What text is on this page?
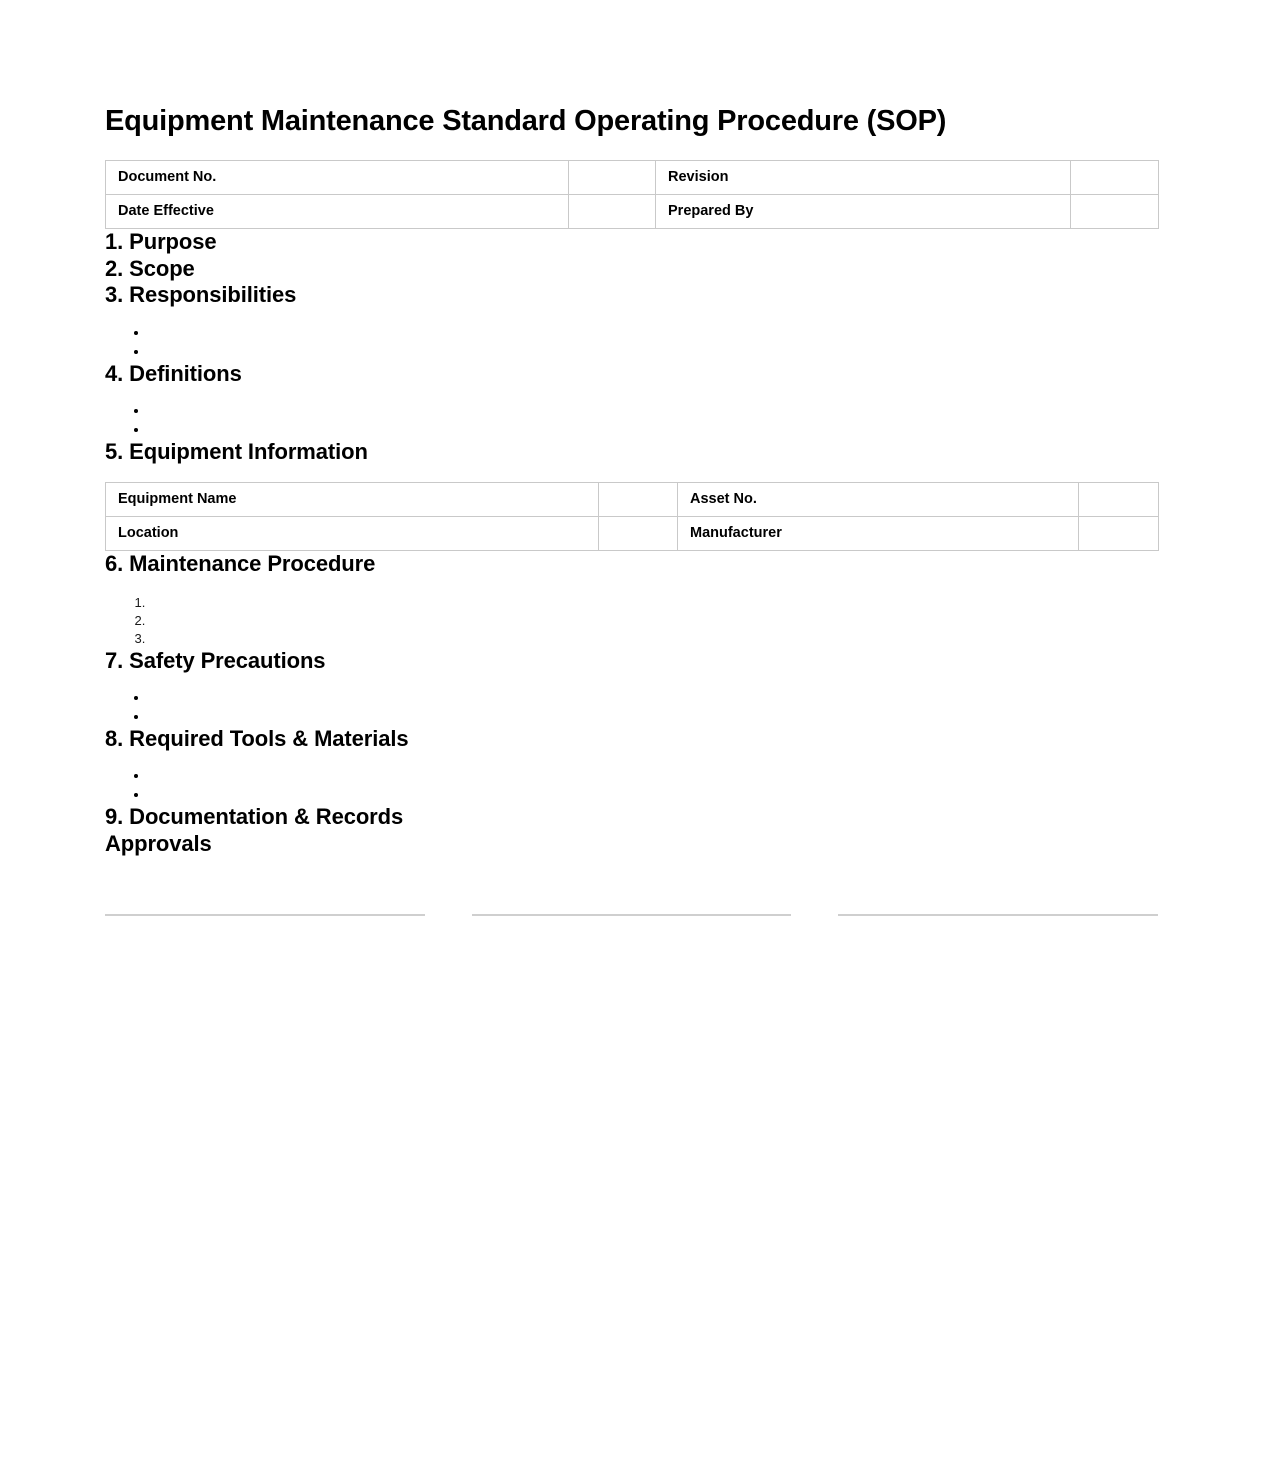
Equipment Maintenance Standard Operating Procedure (SOP)
Document No.		Revision	
Date Effective		Prepared By	
1. Purpose
2. Scope
3. Responsibilities
•
•
4. Definitions
•
•
5. Equipment Information
Equipment Name		Asset No.	
Location		Manufacturer	
6. Maintenance Procedure
1.
2.
3.
7. Safety Precautions
•
•
8. Required Tools & Materials
•
•
9. Documentation & Records
Approvals
